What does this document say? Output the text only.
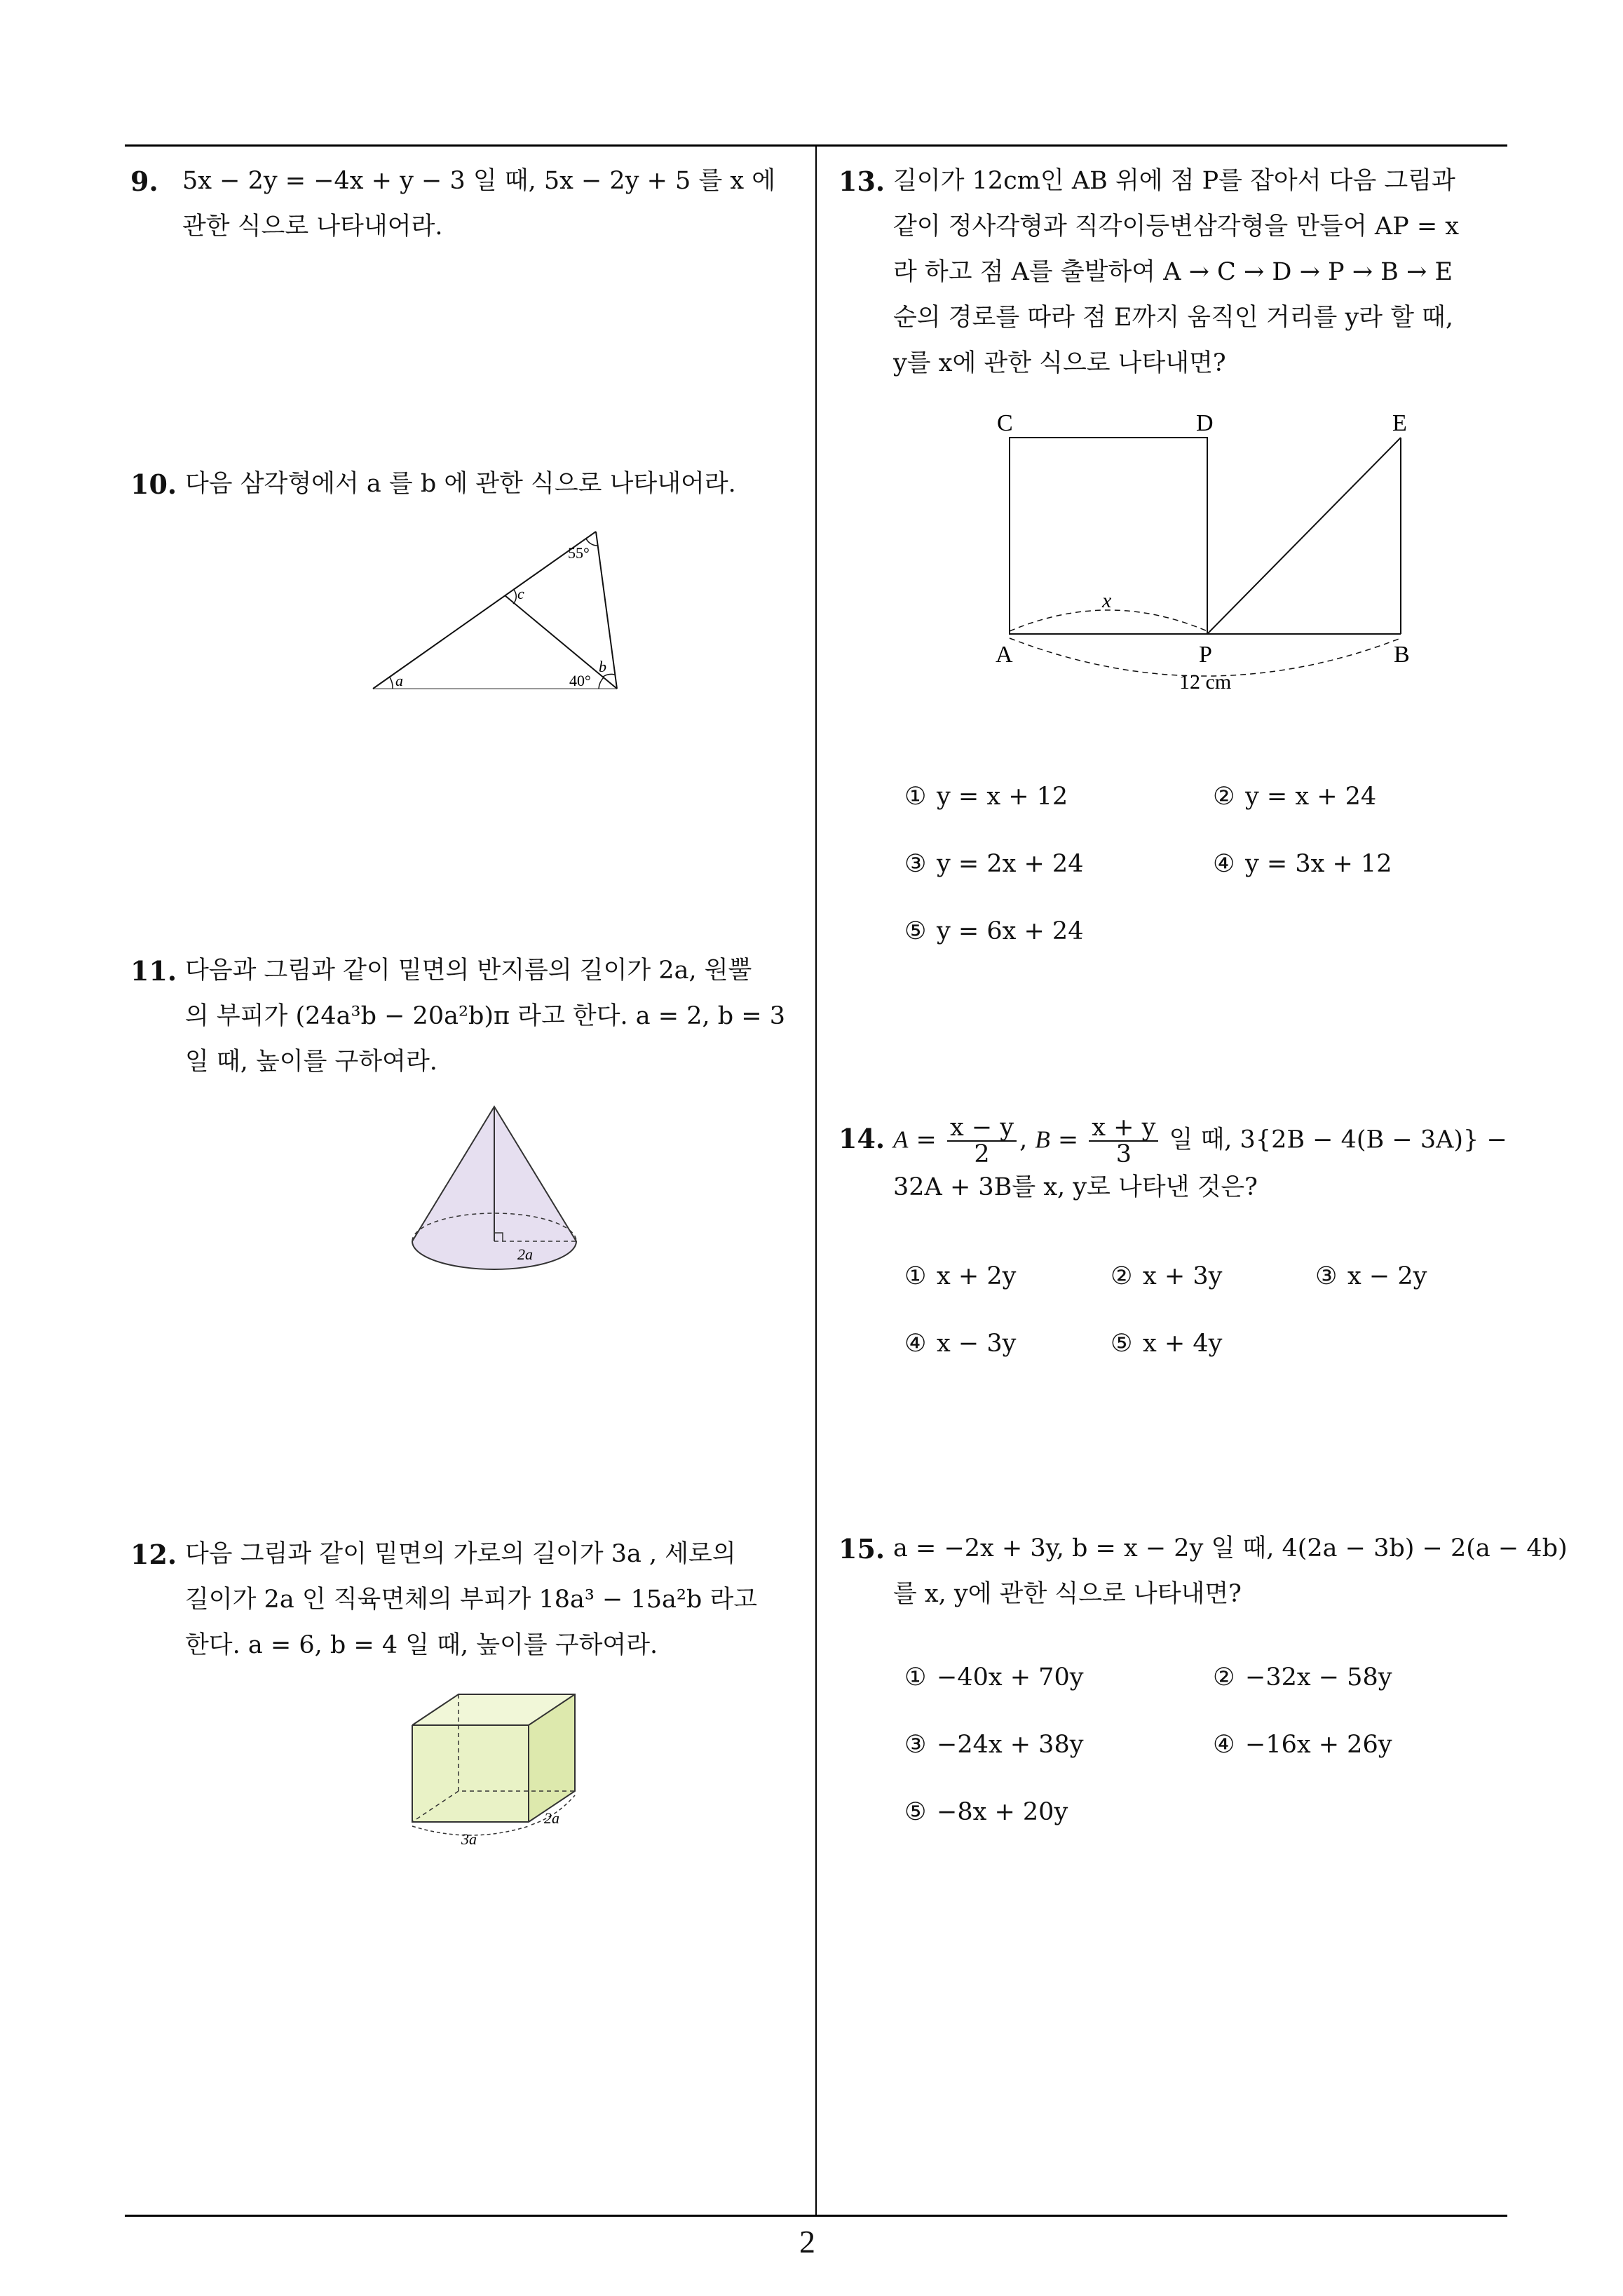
9. 5x − 2y = −4x + y − 3 일 때, 5x − 2y + 5 를 x 에
관한 식으로 나타내어라.
10. 다음 삼각형에서 a 를 b 에 관한 식으로 나타내어라.
55°
c
b
a	40°
11. 다음과 그림과 같이 밑면의 반지름의 길이가 2a, 원뿔
의 부피가 (24a³b − 20a²b)π 라고 한다. a = 2, b = 3
일 때, 높이를 구하여라.
2a
12. 다음 그림과 같이 밑면의 가로의 길이가 3a , 세로의
길이가 2a 인 직육면체의 부피가 18a³ − 15a²b 라고
한다. a = 6, b = 4 일 때, 높이를 구하여라.
3a
2a
13. 길이가 12cm인 AB 위에 점 P를 잡아서 다음 그림과
같이 정사각형과 직각이등변삼각형을 만들어 AP = x
라 하고 점 A를 출발하여 A → C → D → P → B → E
순의 경로를 따라 점 E까지 움직인 거리를 y라 할 때,
y를 x에 관한 식으로 나타내면?
C	D	E
A	P	B
x
12 cm
① y = x + 12	② y = x + 24
③ y = 2x + 24	④ y = 3x + 12
⑤ y = 6x + 24
14. $A = \frac{x - y}{2}$ , $B = \frac{x + y}{3}$ 일 때, 3{2B − 4(B − 3A)} −
32A + 3B를 x, y로 나타낸 것은?
① x + 2y	② x + 3y	③ x − 2y
④ x − 3y	⑤ x + 4y
15. a = −2x + 3y, b = x − 2y 일 때, 4(2a − 3b) − 2(a − 4b)
를 x, y에 관한 식으로 나타내면?
① −40x + 70y	② −32x − 58y
③ −24x + 38y	④ −16x + 26y
⑤ −8x + 20y
2
